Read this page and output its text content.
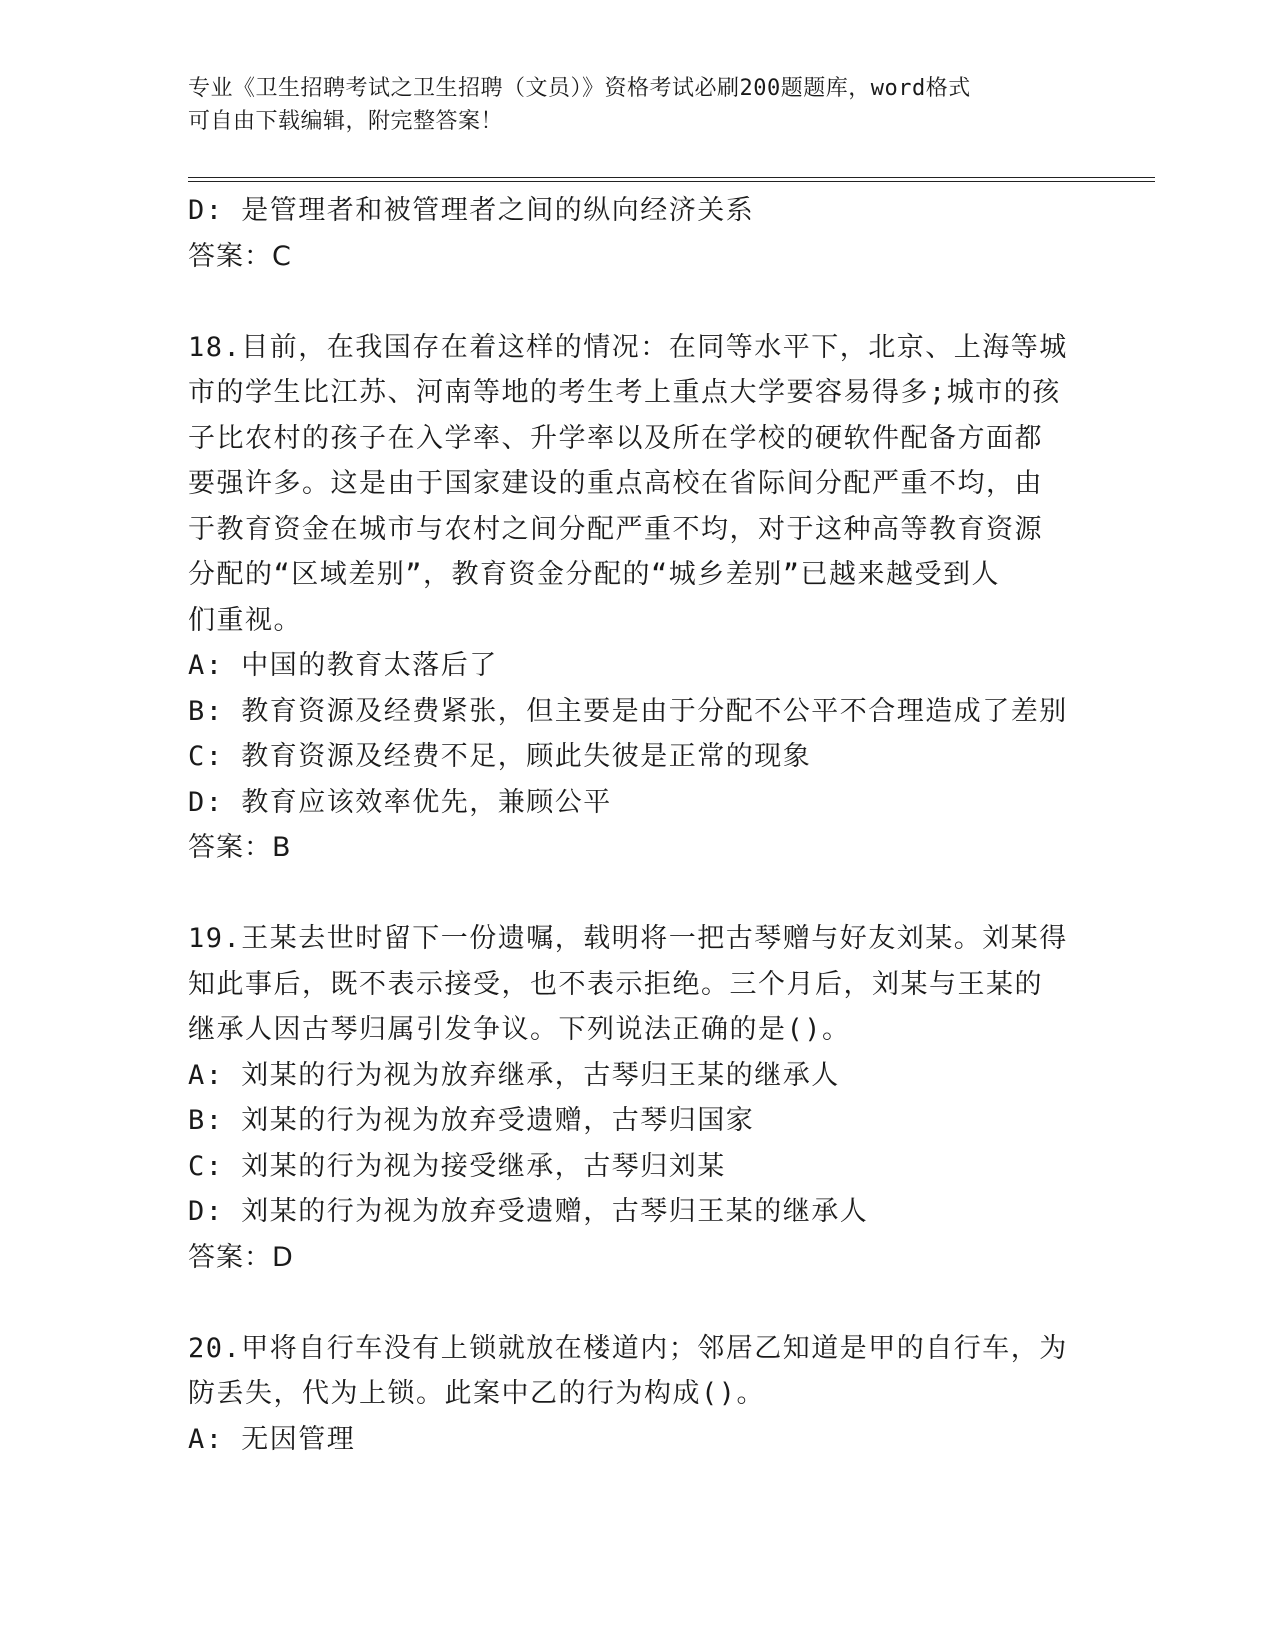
专业《卫生招聘考试之卫生招聘（文员）》资格考试必刷200题题库，word格式
可自由下载编辑，附完整答案！
D: 是管理者和被管理者之间的纵向经济关系
答案：C
18.目前，在我国存在着这样的情况：在同等水平下，北京、上海等城
市的学生比江苏、河南等地的考生考上重点大学要容易得多;城市的孩
子比农村的孩子在入学率、升学率以及所在学校的硬软件配备方面都
要强许多。这是由于国家建设的重点高校在省际间分配严重不均，由
于教育资金在城市与农村之间分配严重不均，对于这种高等教育资源
分配的“区域差别”，教育资金分配的“城乡差别”已越来越受到人
们重视。
A: 中国的教育太落后了
B: 教育资源及经费紧张，但主要是由于分配不公平不合理造成了差别
C: 教育资源及经费不足，顾此失彼是正常的现象
D: 教育应该效率优先，兼顾公平
答案：B
19.王某去世时留下一份遗嘱，载明将一把古琴赠与好友刘某。刘某得
知此事后，既不表示接受，也不表示拒绝。三个月后，刘某与王某的
继承人因古琴归属引发争议。下列说法正确的是()。
A: 刘某的行为视为放弃继承，古琴归王某的继承人
B: 刘某的行为视为放弃受遗赠，古琴归国家
C: 刘某的行为视为接受继承，古琴归刘某
D: 刘某的行为视为放弃受遗赠，古琴归王某的继承人
答案：D
20.甲将自行车没有上锁就放在楼道内；邻居乙知道是甲的自行车，为
防丢失，代为上锁。此案中乙的行为构成()。
A: 无因管理
